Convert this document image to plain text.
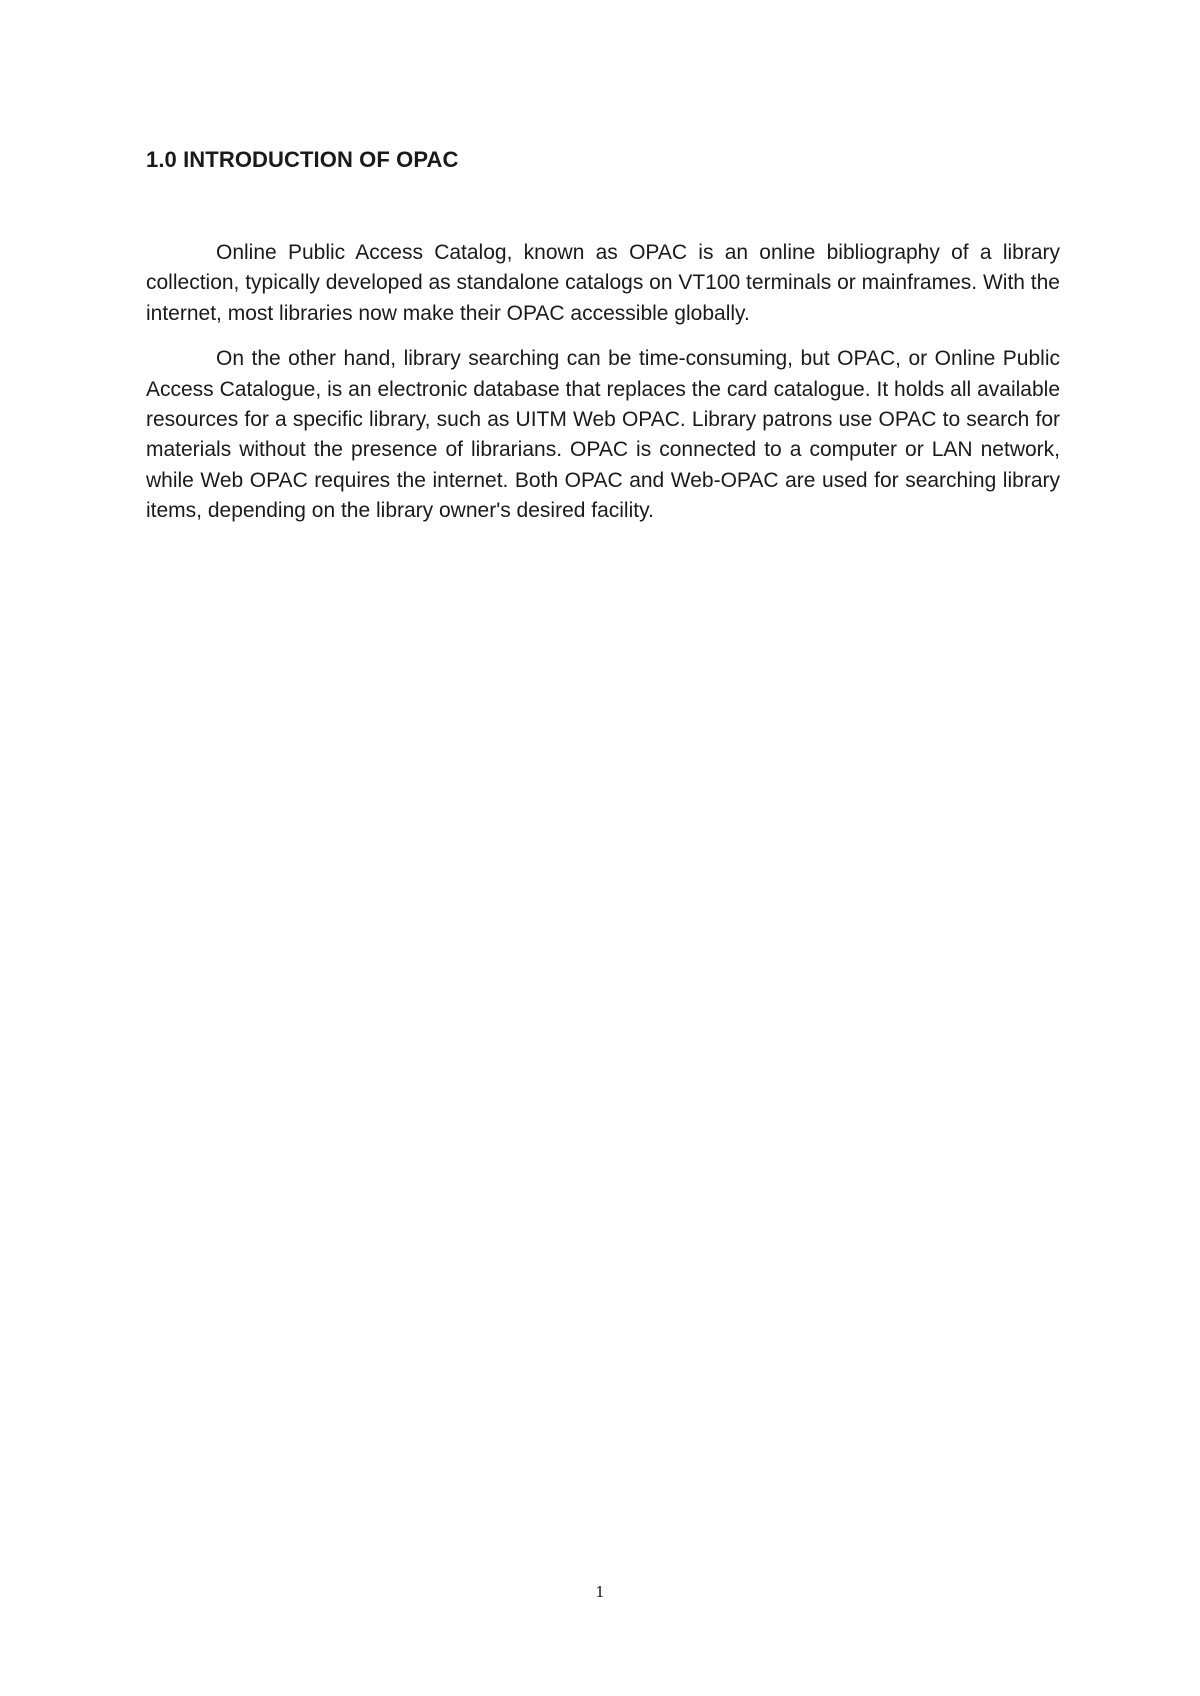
1.0 INTRODUCTION OF OPAC

Online Public Access Catalog, known as OPAC is an online bibliography of a library collection, typically developed as standalone catalogs on VT100 terminals or mainframes. With the internet, most libraries now make their OPAC accessible globally.

On the other hand, library searching can be time-consuming, but OPAC, or Online Public Access Catalogue, is an electronic database that replaces the card catalogue. It holds all available resources for a specific library, such as UITM Web OPAC. Library patrons use OPAC to search for materials without the presence of librarians. OPAC is connected to a computer or LAN network, while Web OPAC requires the internet. Both OPAC and Web-OPAC are used for searching library items, depending on the library owner's desired facility.

1
